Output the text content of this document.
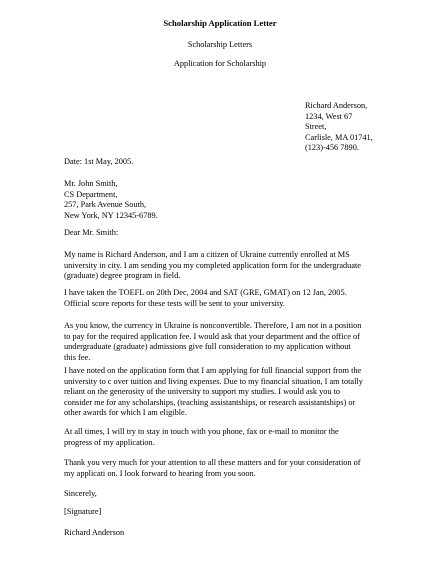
Scholarship Application Letter
Scholarship Letters
Application for Scholarship
Richard Anderson,
1234, West 67
Street,
Carlisle, MA 01741,
(123)-456 7890.
Date: 1st May, 2005.
Mr. John Smith,
CS Department,
257, Park Avenue South,
New York, NY 12345-6789.
Dear Mr. Smith:
My name is Richard Anderson, and I am a citizen of Ukraine currently enrolled at MS
university in city. I am sending you my completed application form for the undergraduate
(graduate) degree program in field.
I have taken the TOEFL on 20th Dec, 2004 and SAT (GRE, GMAT) on 12 Jan, 2005.
Official score reports for these tests will be sent to your university.
As you know, the currency in Ukraine is nonconvertible. Therefore, I am not in a position
to pay for the required application fee. I would ask that your department and the office of
undergraduate (graduate) admissions give full consideration to my application without
this fee.
I have noted on the application form that I am applying for full financial support from the
university to c over tuition and living expenses. Due to my financial situation, I am totally
reliant on the generosity of the university to support my studies. I would ask you to
consider me for any scholarships, (teaching assistantships, or research assistantships) or
other awards for which I am eligible.
At all times, I will try to stay in touch with you phone, fax or e-mail to monitor the
progress of my application.
Thank you very much for your attention to all these matters and for your consideration of
my applicati on. I look forward to hearing from you soon.
Sincerely,
[Signature]
Richard Anderson
